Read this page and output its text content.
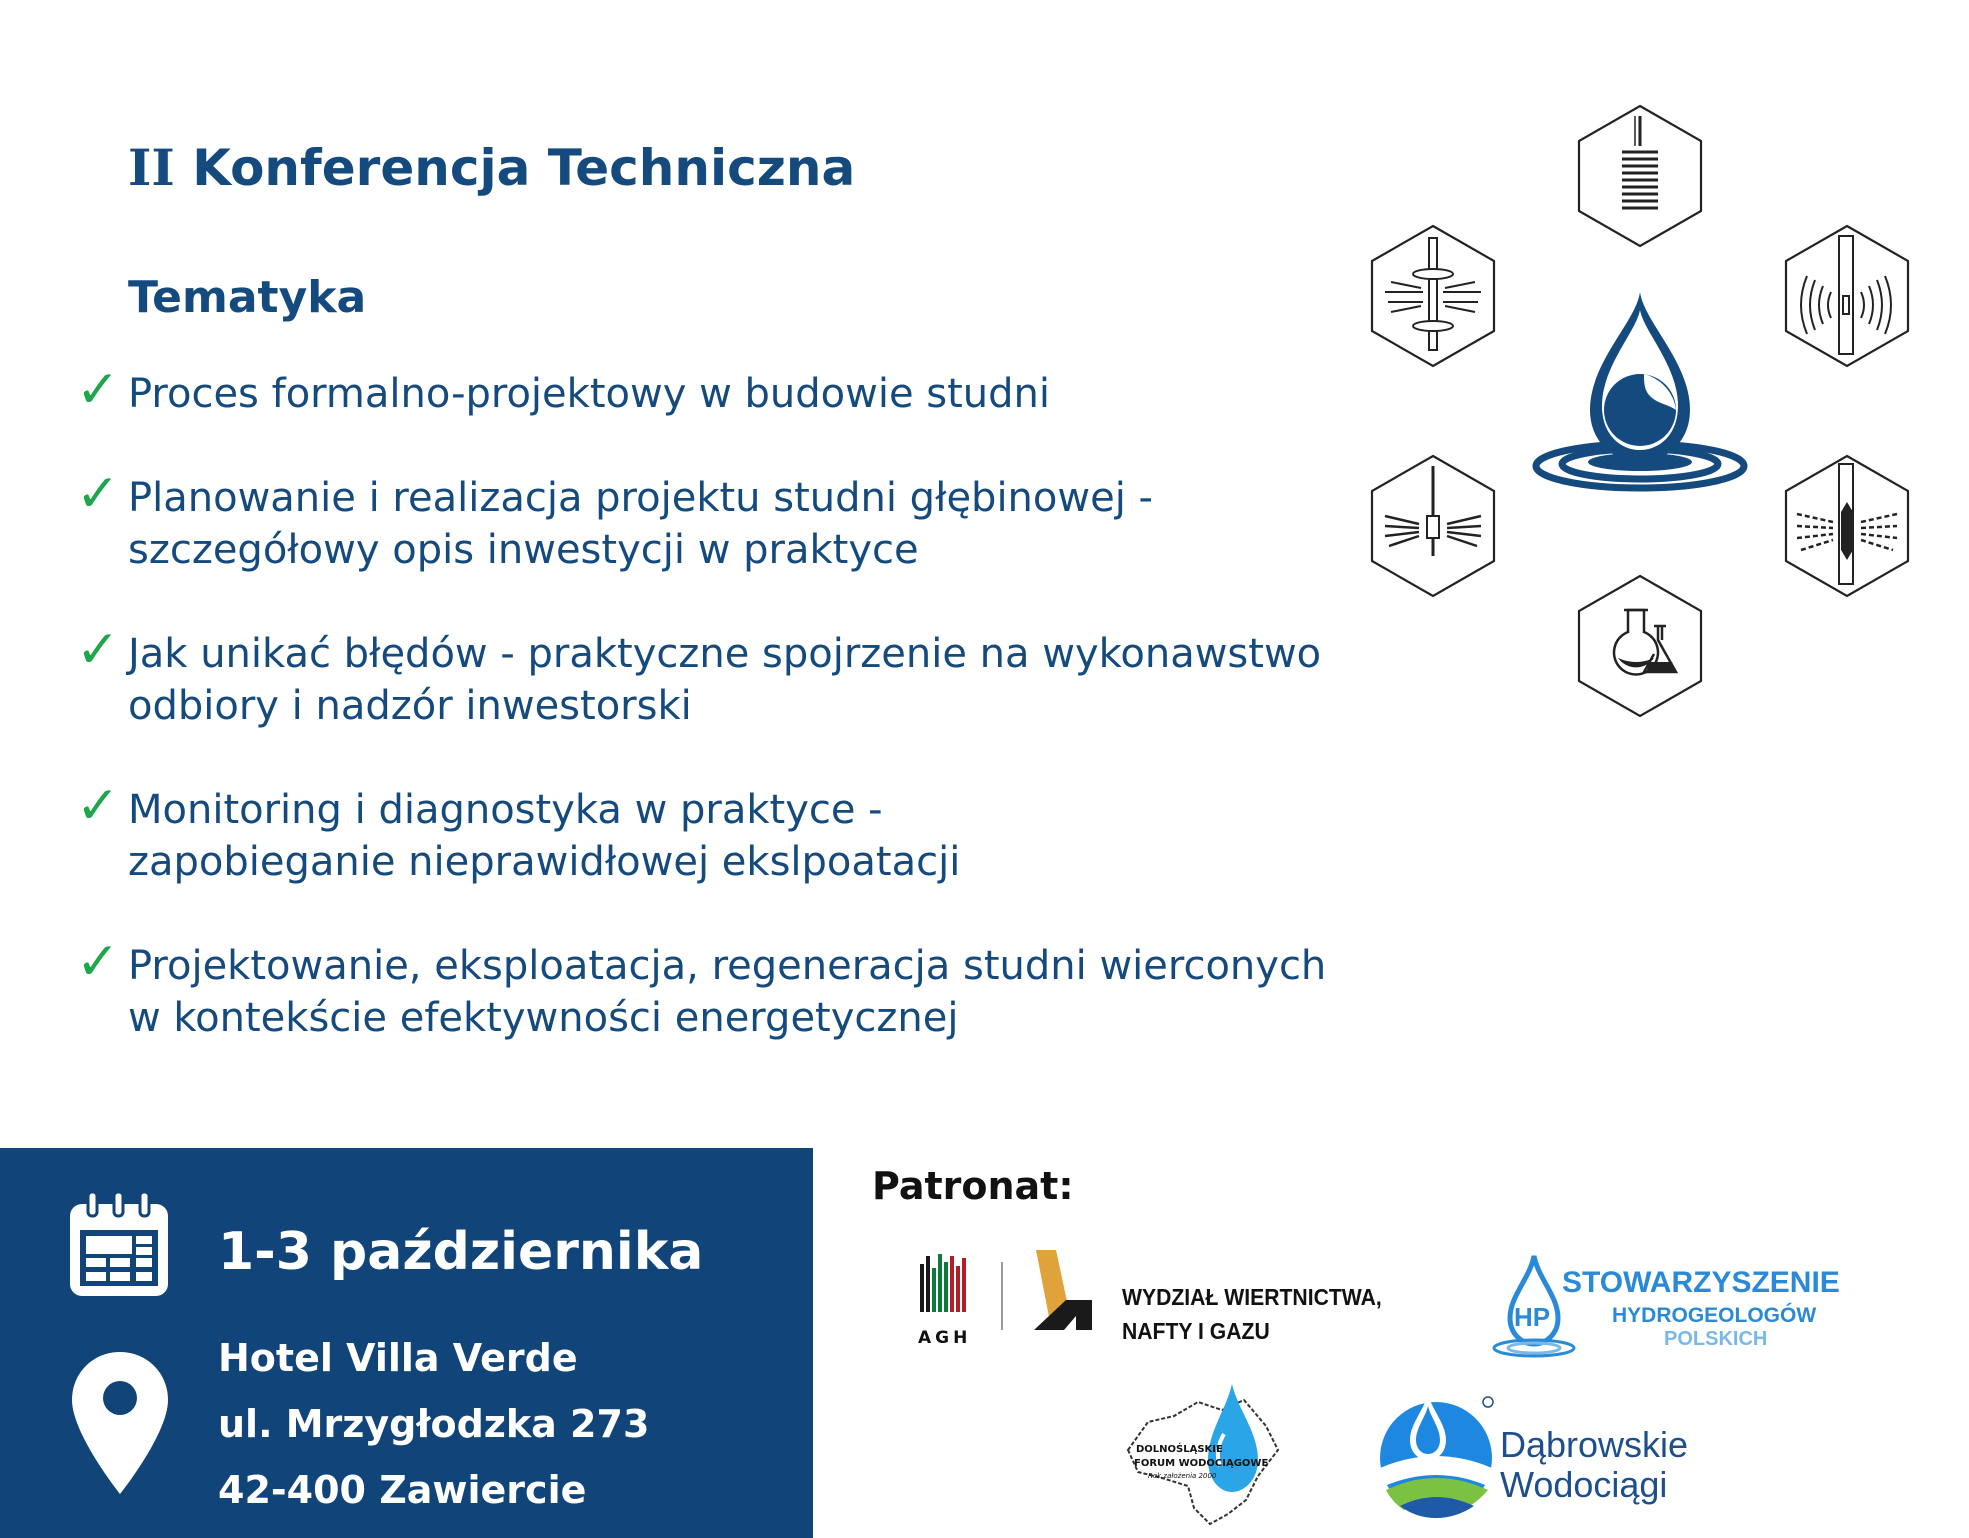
II Konferencja Techniczna
Tematyka
✓ Proces formalno-projektowy w budowie studni
✓ Planowanie i realizacja projektu studni głębinowej -
szczegółowy opis inwestycji w praktyce
✓ Jak unikać błędów - praktyczne spojrzenie na wykonawstwo
odbiory i nadzór inwestorski
✓ Monitoring i diagnostyka w praktyce -
zapobieganie nieprawidłowej ekslpoatacji
✓ Projektowanie, eksploatacja, regeneracja studni wierconych
w kontekście efektywności energetycznej
1-3 października
Hotel Villa Verde
ul. Mrzygłodzka 273
42-400 Zawiercie
Patronat:
AGH
WYDZIAŁ WIERTNICTWA,
NAFTY I GAZU	HP
STOWARZYSZENIE
HYDROGEOLOGÓW
POLSKICH
DOLNOŚLĄSKIE
FORUM WODOCIĄGOWE
Rok założenia 2000
Dąbrowskie
Wodociągi
